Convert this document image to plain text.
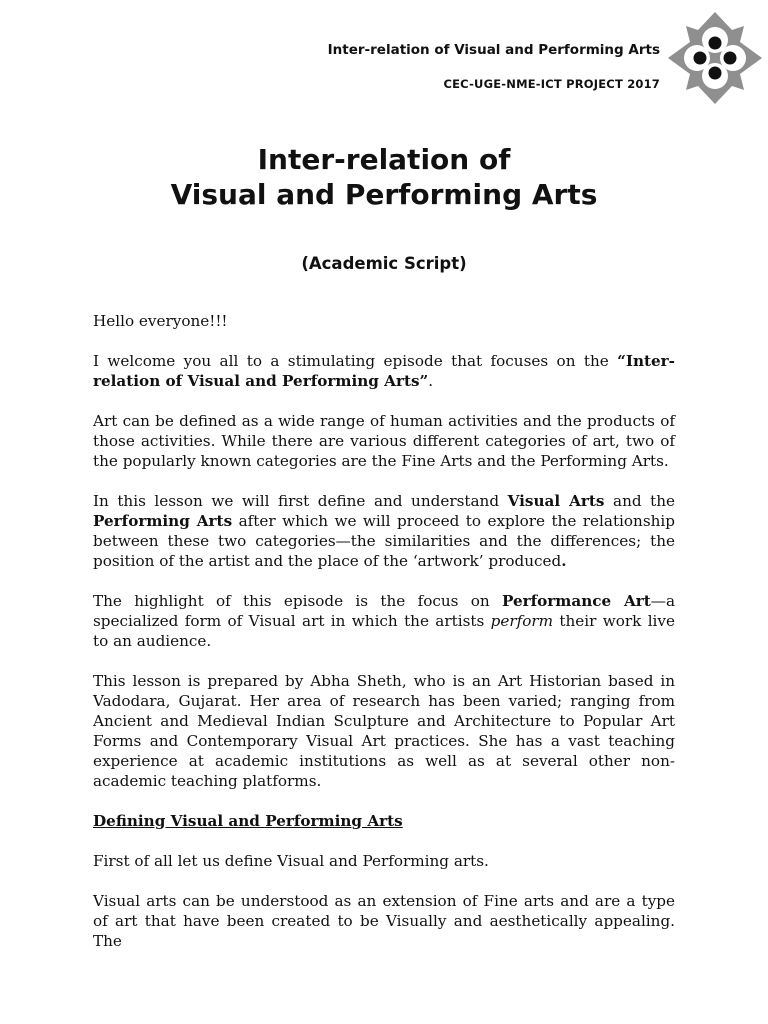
Inter-relation of Visual and Performing Arts
CEC-UGE-NME-ICT PROJECT 2017
Inter-relation of
Visual and Performing Arts
(Academic Script)

Hello everyone!!!

I welcome you all to a stimulating episode that focuses on the “Inter-relation of Visual and Performing Arts”.

Art can be defined as a wide range of human activities and the products of those activities. While there are various different categories of art, two of the popularly known categories are the Fine Arts and the Performing Arts.

In this lesson we will first define and understand Visual Arts and the Performing Arts after which we will proceed to explore the relationship between these two categories—the similarities and the differences; the position of the artist and the place of the ‘artwork’ produced.

The highlight of this episode is the focus on Performance Art—a specialized form of Visual art in which the artists perform their work live to an audience.

This lesson is prepared by Abha Sheth, who is an Art Historian based in Vadodara, Gujarat. Her area of research has been varied; ranging from Ancient and Medieval Indian Sculpture and Architecture to Popular Art Forms and Contemporary Visual Art practices. She has a vast teaching experience at academic institutions as well as at several other non-academic teaching platforms.

Defining Visual and Performing Arts

First of all let us define Visual and Performing arts.

Visual arts can be understood as an extension of Fine arts and are a type of art that have been created to be Visually and aesthetically appealing. The
